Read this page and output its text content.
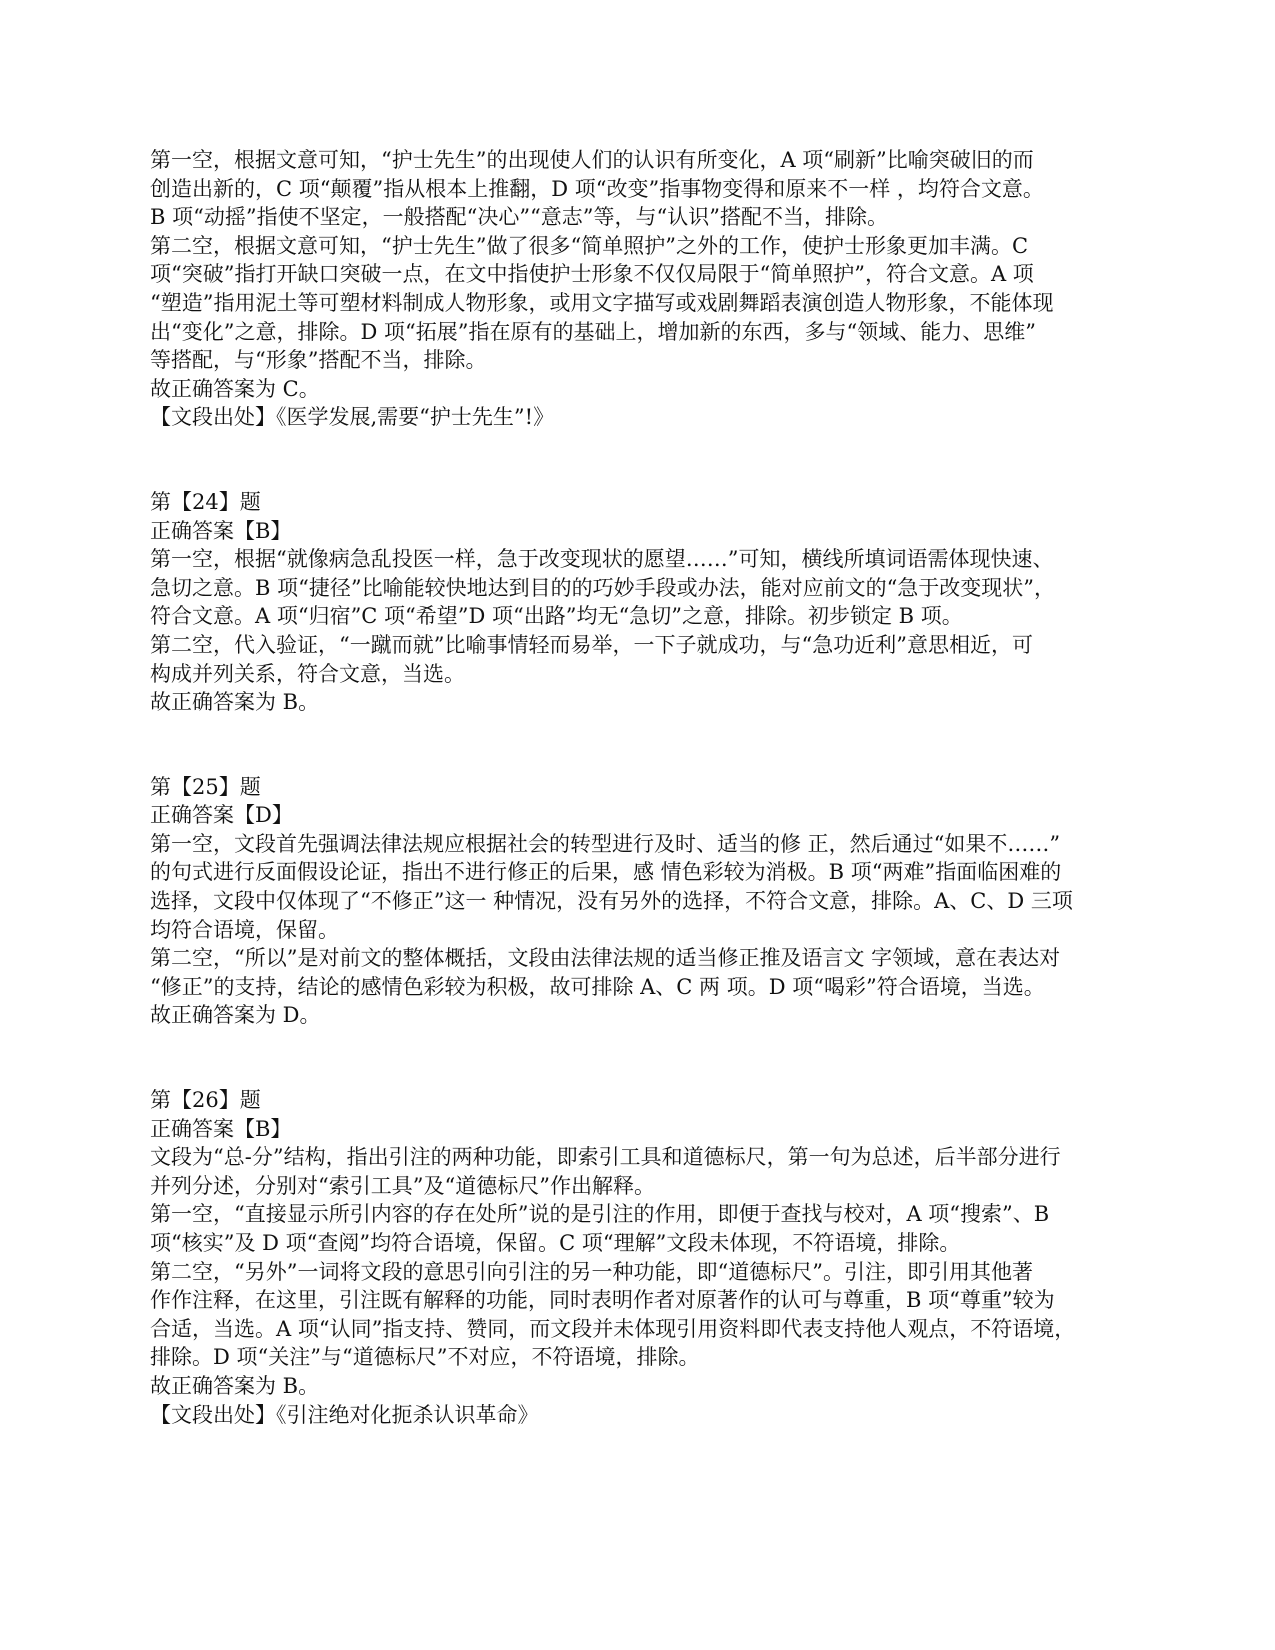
第一空，根据文意可知，“护士先生”的出现使人们的认识有所变化，A 项“刷新”比喻突破旧的而

创造出新的，C 项“颠覆”指从根本上推翻，D 项“改变”指事物变得和原来不一样 ，均符合文意。

B 项“动摇”指使不坚定，一般搭配“决心”“意志”等，与“认识”搭配不当，排除。

第二空，根据文意可知，“护士先生”做了很多“简单照护”之外的工作，使护士形象更加丰满。C

项“突破”指打开缺口突破一点，在文中指使护士形象不仅仅局限于“简单照护”，符合文意。A 项

“塑造”指用泥土等可塑材料制成人物形象，或用文字描写或戏剧舞蹈表演创造人物形象，不能体现

出“变化”之意，排除。D 项“拓展”指在原有的基础上，增加新的东西，多与“领域、能力、思维”

等搭配，与“形象”搭配不当，排除。

故正确答案为 C。

【文段出处】《医学发展,需要“护士先生”!》

第【24】题

正确答案【B】

第一空，根据“就像病急乱投医一样，急于改变现状的愿望……”可知，横线所填词语需体现快速、

急切之意。B 项“捷径”比喻能较快地达到目的的巧妙手段或办法，能对应前文的“急于改变现状”，

符合文意。A 项“归宿”C 项“希望”D 项“出路”均无“急切”之意，排除。初步锁定 B 项。

第二空，代入验证，“一蹴而就”比喻事情轻而易举，一下子就成功，与“急功近利”意思相近，可

构成并列关系，符合文意，当选。

故正确答案为 B。

第【25】题

正确答案【D】

第一空，文段首先强调法律法规应根据社会的转型进行及时、适当的修 正，然后通过“如果不……”

的句式进行反面假设论证，指出不进行修正的后果，感 情色彩较为消极。B 项“两难”指面临困难的

选择，文段中仅体现了“不修正”这一 种情况，没有另外的选择，不符合文意，排除。A、C、D 三项

均符合语境，保留。

第二空，“所以”是对前文的整体概括，文段由法律法规的适当修正推及语言文 字领域，意在表达对

“修正”的支持，结论的感情色彩较为积极，故可排除 A、C 两 项。D 项“喝彩”符合语境，当选。

故正确答案为 D。

第【26】题

正确答案【B】

文段为“总-分”结构，指出引注的两种功能，即索引工具和道德标尺，第一句为总述，后半部分进行

并列分述，分别对“索引工具”及“道德标尺”作出解释。

第一空，“直接显示所引内容的存在处所”说的是引注的作用，即便于查找与校对，A 项“搜索”、B

项“核实”及 D 项“查阅”均符合语境，保留。C 项“理解”文段未体现，不符语境，排除。

第二空，“另外”一词将文段的意思引向引注的另一种功能，即“道德标尺”。引注，即引用其他著

作作注释，在这里，引注既有解释的功能，同时表明作者对原著作的认可与尊重，B 项“尊重”较为

合适，当选。A 项“认同”指支持、赞同，而文段并未体现引用资料即代表支持他人观点，不符语境，

排除。D 项“关注”与“道德标尺”不对应，不符语境，排除。

故正确答案为 B。

【文段出处】《引注绝对化扼杀认识革命》
